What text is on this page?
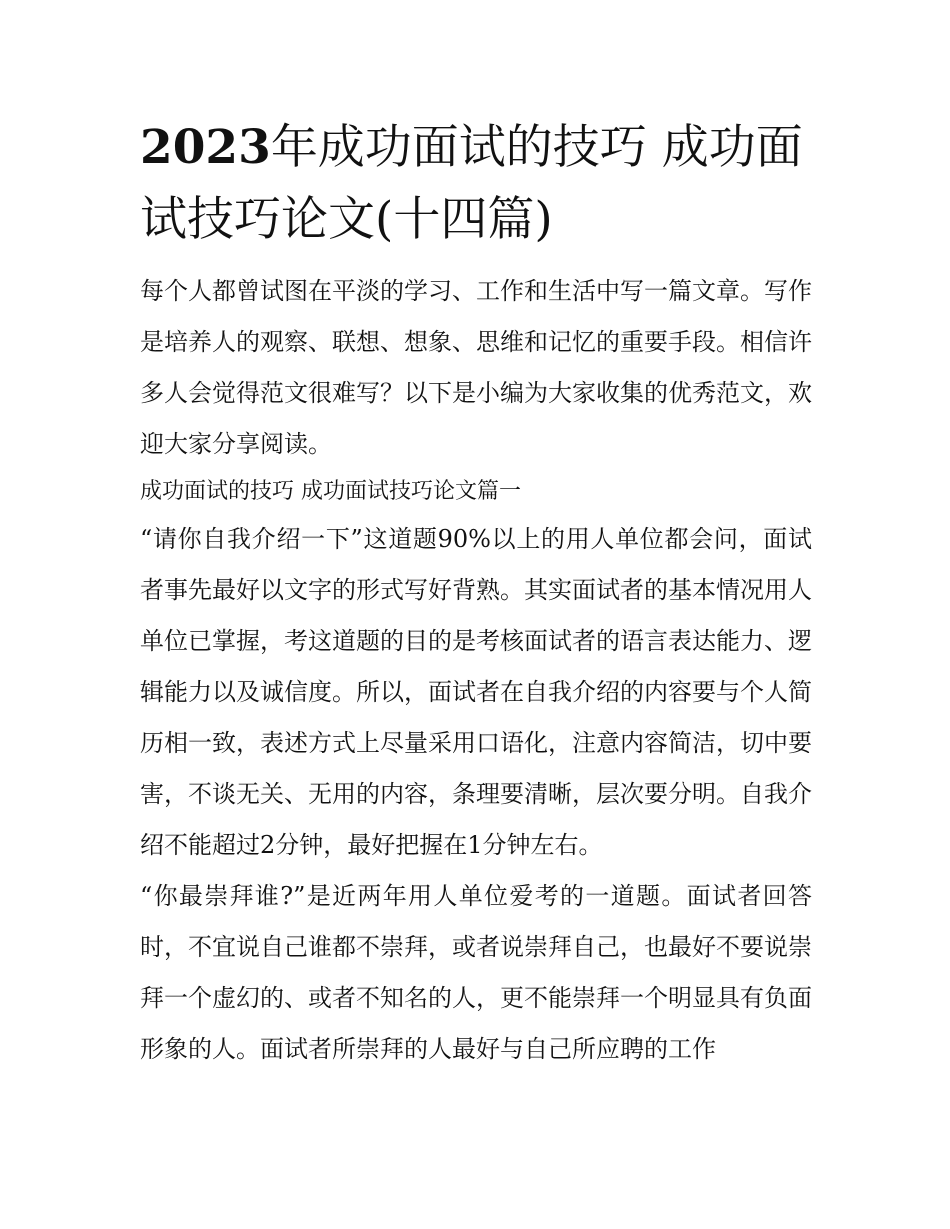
2023年成功面试的技巧 成功面试技巧论文(十四篇)

每个人都曾试图在平淡的学习、工作和生活中写一篇文章。写作是培养人的观察、联想、想象、思维和记忆的重要手段。相信许多人会觉得范文很难写？以下是小编为大家收集的优秀范文，欢迎大家分享阅读。

成功面试的技巧 成功面试技巧论文篇一

“请你自我介绍一下”这道题90%以上的用人单位都会问，面试者事先最好以文字的形式写好背熟。其实面试者的基本情况用人单位已掌握，考这道题的目的是考核面试者的语言表达能力、逻辑能力以及诚信度。所以，面试者在自我介绍的内容要与个人简历相一致，表述方式上尽量采用口语化，注意内容简洁，切中要害，不谈无关、无用的内容，条理要清晰，层次要分明。自我介绍不能超过2分钟，最好把握在1分钟左右。

“你最崇拜谁?”是近两年用人单位爱考的一道题。面试者回答时，不宜说自己谁都不崇拜，或者说崇拜自己，也最好不要说崇拜一个虚幻的、或者不知名的人，更不能崇拜一个明显具有负面形象的人。面试者所崇拜的人最好与自己所应聘的工作
